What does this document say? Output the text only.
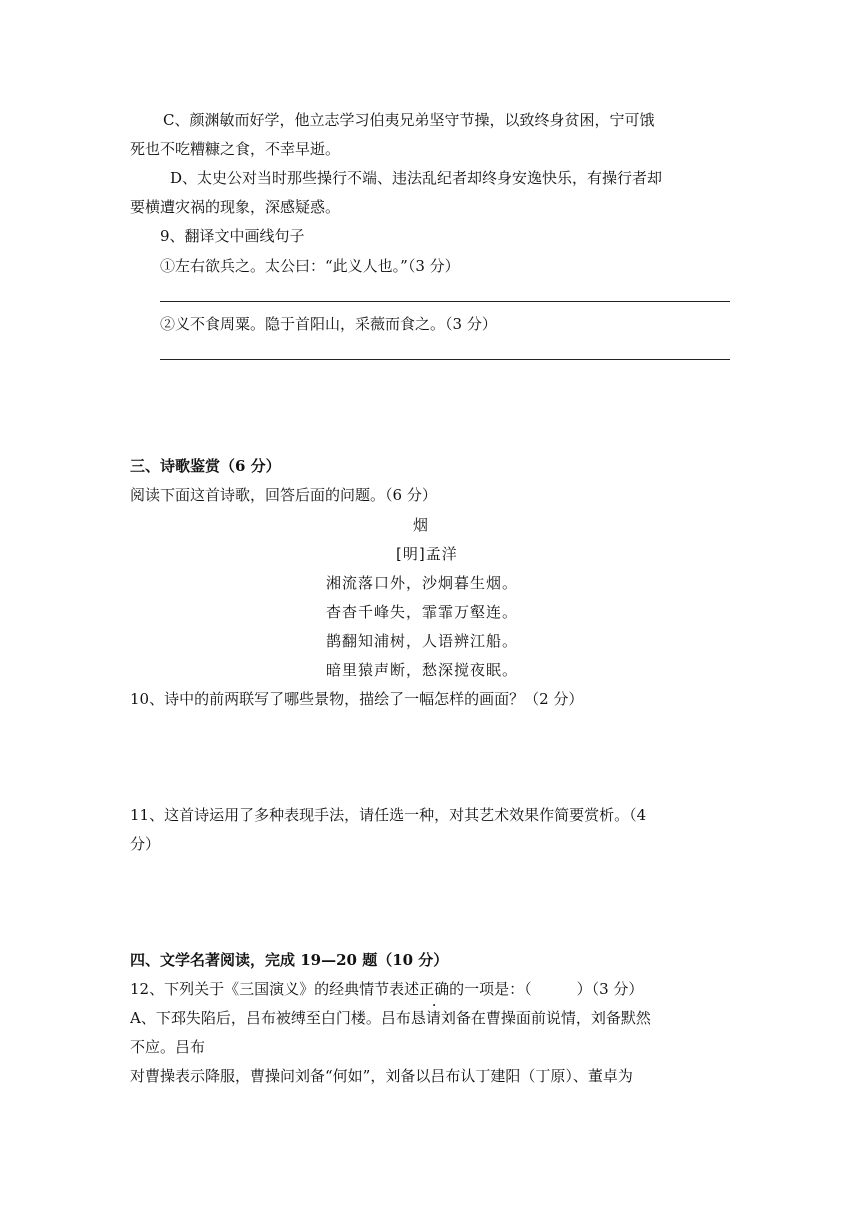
C、颜渊敏而好学，他立志学习伯夷兄弟坚守节操，以致终身贫困，宁可饿
死也不吃糟糠之食，不幸早逝。
D、太史公对当时那些操行不端、违法乱纪者却终身安逸快乐，有操行者却
要横遭灾祸的现象，深感疑惑。
9、翻译文中画线句子
①左右欲兵之。太公曰：“此义人也。”（3 分）
②义不食周粟。隐于首阳山，采薇而食之。（3 分）
三、诗歌鉴赏（6 分）
阅读下面这首诗歌，回答后面的问题。（6 分）
烟
[明]孟洋
湘流落口外，沙炯暮生烟。
杳杳千峰失，霏霏万壑连。
鹊翻知浦树，人语辨江船。
暗里猿声断，愁深搅夜眠。
10、诗中的前两联写了哪些景物，描绘了一幅怎样的画面？（2 分）
11、这首诗运用了多种表现手法，请任选一种，对其艺术效果作简要赏析。（4
分）
四、文学名著阅读，完成 19—20 题（10 分）
12、下列关于《三国演义》的经典情节表述正确的一项是：（　　　）（3 分）
A、下邳失陷后，吕布被缚至白门楼。吕布恳请刘备在曹操面前说情，刘备默然
不应。吕布
对曹操表示降服，曹操问刘备“何如”，刘备以吕布认丁建阳（丁原）、董卓为
